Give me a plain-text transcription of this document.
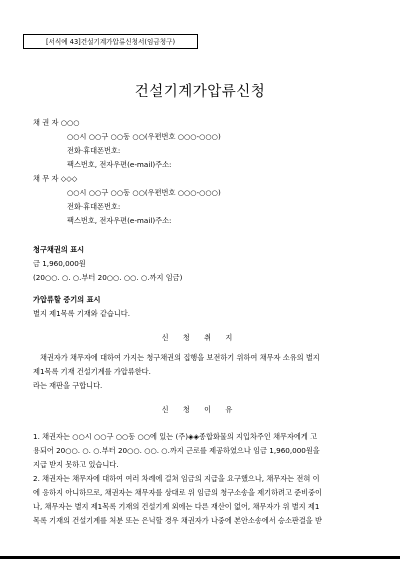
[서식예 43]건설기계가압류신청서(임금청구)
건설기계가압류신청
채 권 자 ○○○
○○시 ○○구 ○○동 ○○(우편번호 ○○○-○○○)
전화·휴대폰번호:
팩스번호, 전자우편(e-mail)주소:
채 무 자 ◇◇◇
○○시 ○○구 ○○동 ○○(우편번호 ○○○-○○○)
전화·휴대폰번호:
팩스번호, 전자우편(e-mail)주소:
청구채권의 표시
금 1,960,000원
(20○○. ○. ○.부터 20○○. ○○. ○.까지 임금)
가압류할 증기의 표시
별지 제1목록 기재와 같습니다.
신 청 취 지
채권자가 채무자에 대하여 가지는 청구채권의 집행을 보전하기 위하여 채무자 소유의 별지
제1목록 기재 건설기계를 가압류한다.
라는 재판을 구합니다.
신 청 이 유
1. 채권자는 ○○시 ○○구 ○○동 ○○에 있는 (주)◈◈종합화물의 지입차주인 채무자에게 고
용되어 20○○. ○. ○.부터 20○○. ○○. ○.까지 근로를 제공하였으나 임금 1,960,000원을
지급 받지 못하고 있습니다.
2. 채권자는 채무자에 대하여 여러 차례에 걸쳐 임금의 지급을 요구했으나, 채무자는 전혀 이
에 응하지 아니하므로, 채권자는 채무자를 상대로 위 임금의 청구소송을 제기하려고 준비중이
나, 채무자는 별지 제1목록 기재의 건설기계 외에는 다른 재산이 없어, 채무자가 위 별지 제1
목록 기재의 건설기계를 처분 또는 은닉할 경우 채권자가 나중에 본안소송에서 승소판결을 받
